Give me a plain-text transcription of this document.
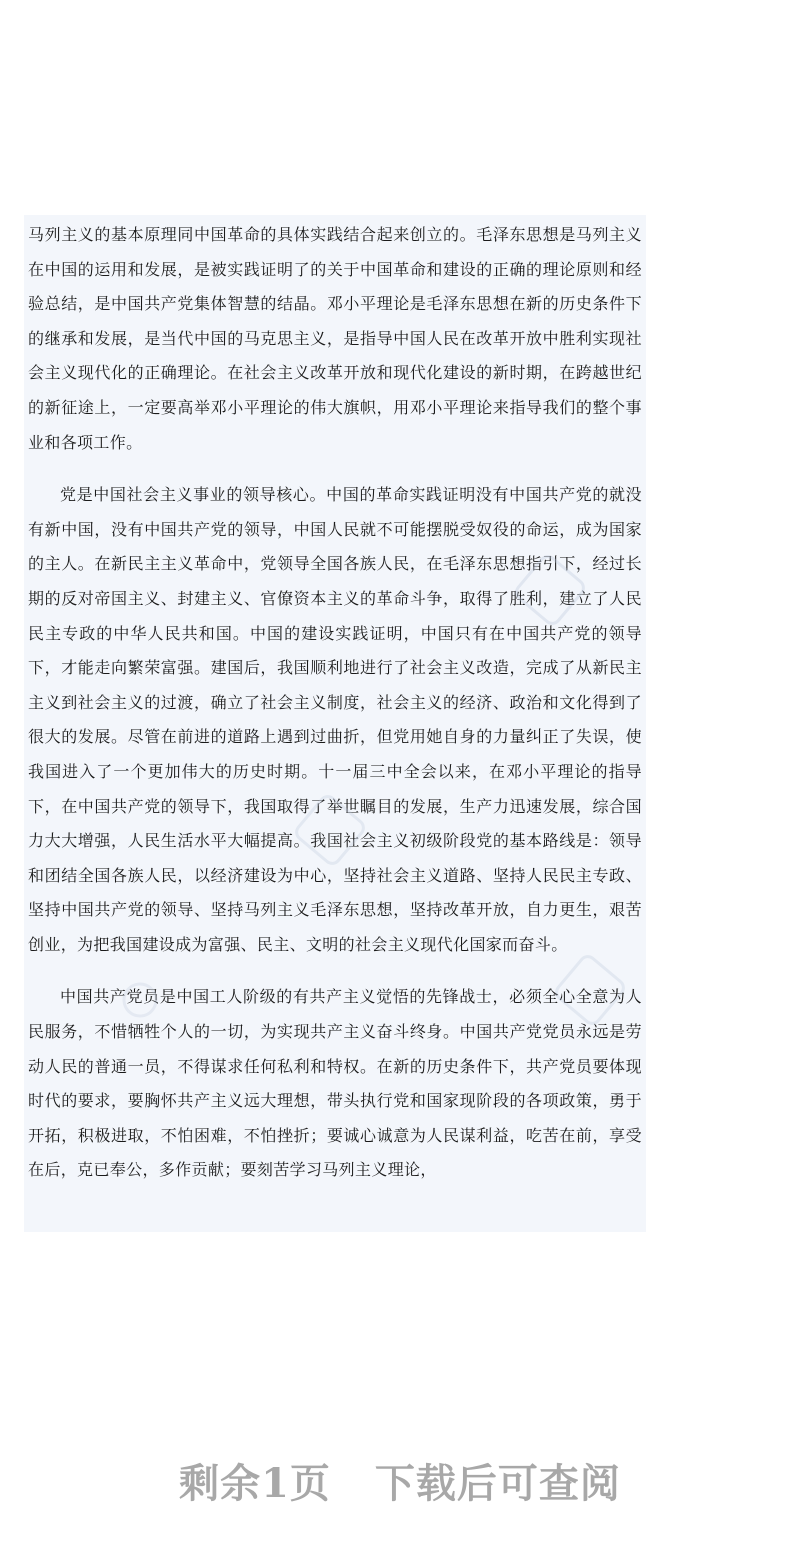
马列主义的基本原理同中国革命的具体实践结合起来创立的。毛泽东思想是马列主义在中国的运用和发展，是被实践证明了的关于中国革命和建设的正确的理论原则和经验总结，是中国共产党集体智慧的结晶。邓小平理论是毛泽东思想在新的历史条件下的继承和发展，是当代中国的马克思主义，是指导中国人民在改革开放中胜利实现社会主义现代化的正确理论。在社会主义改革开放和现代化建设的新时期，在跨越世纪的新征途上，一定要高举邓小平理论的伟大旗帜，用邓小平理论来指导我们的整个事业和各项工作。

党是中国社会主义事业的领导核心。中国的革命实践证明没有中国共产党的就没有新中国，没有中国共产党的领导，中国人民就不可能摆脱受奴役的命运，成为国家的主人。在新民主主义革命中，党领导全国各族人民，在毛泽东思想指引下，经过长期的反对帝国主义、封建主义、官僚资本主义的革命斗争，取得了胜利，建立了人民民主专政的中华人民共和国。中国的建设实践证明，中国只有在中国共产党的领导下，才能走向繁荣富强。建国后，我国顺利地进行了社会主义改造，完成了从新民主主义到社会主义的过渡，确立了社会主义制度，社会主义的经济、政治和文化得到了很大的发展。尽管在前进的道路上遇到过曲折，但党用她自身的力量纠正了失误，使我国进入了一个更加伟大的历史时期。十一届三中全会以来，在邓小平理论的指导下，在中国共产党的领导下，我国取得了举世瞩目的发展，生产力迅速发展，综合国力大大增强，人民生活水平大幅提高。我国社会主义初级阶段党的基本路线是：领导和团结全国各族人民，以经济建设为中心，坚持社会主义道路、坚持人民民主专政、坚持中国共产党的领导、坚持马列主义毛泽东思想，坚持改革开放，自力更生，艰苦创业，为把我国建设成为富强、民主、文明的社会主义现代化国家而奋斗。

中国共产党员是中国工人阶级的有共产主义觉悟的先锋战士，必须全心全意为人民服务，不惜牺牲个人的一切，为实现共产主义奋斗终身。中国共产党党员永远是劳动人民的普通一员，不得谋求任何私利和特权。在新的历史条件下，共产党员要体现时代的要求，要胸怀共产主义远大理想，带头执行党和国家现阶段的各项政策，勇于开拓，积极进取，不怕困难，不怕挫折；要诚心诚意为人民谋利益，吃苦在前，享受在后，克已奉公，多作贡献；要刻苦学习马列主义理论，

剩余1页 下载后可查阅
